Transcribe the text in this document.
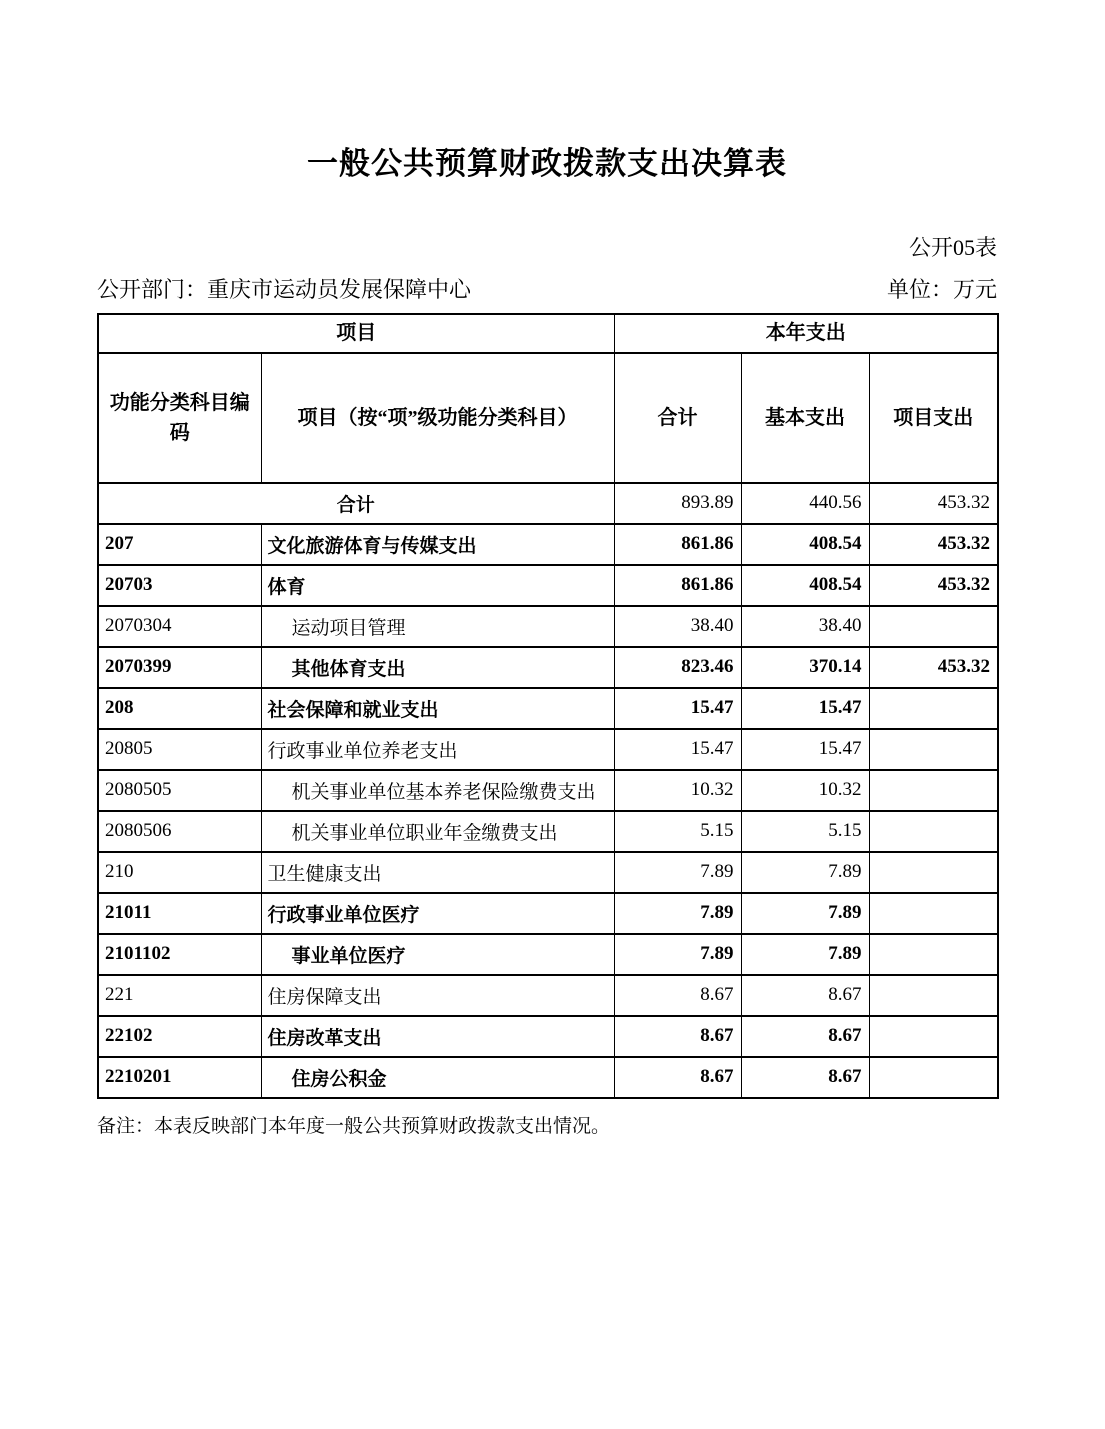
一般公共预算财政拨款支出决算表
公开05表
公开部门：重庆市运动员发展保障中心	单位：万元
项目		本年支出		
功能分类科目编码	项目（按“项”级功能分类科目）	合计	基本支出	项目支出
合计		893.89	440.56	453.32
207	文化旅游体育与传媒支出	861.86	408.54	453.32
20703	体育	861.86	408.54	453.32
2070304	运动项目管理	38.40	38.40	
2070399	其他体育支出	823.46	370.14	453.32
208	社会保障和就业支出	15.47	15.47	
20805	行政事业单位养老支出	15.47	15.47	
2080505	机关事业单位基本养老保险缴费支出	10.32	10.32	
2080506	机关事业单位职业年金缴费支出	5.15	5.15	
210	卫生健康支出	7.89	7.89	
21011	行政事业单位医疗	7.89	7.89	
2101102	事业单位医疗	7.89	7.89	
221	住房保障支出	8.67	8.67	
22102	住房改革支出	8.67	8.67	
2210201	住房公积金	8.67	8.67	
备注：本表反映部门本年度一般公共预算财政拨款支出情况。
